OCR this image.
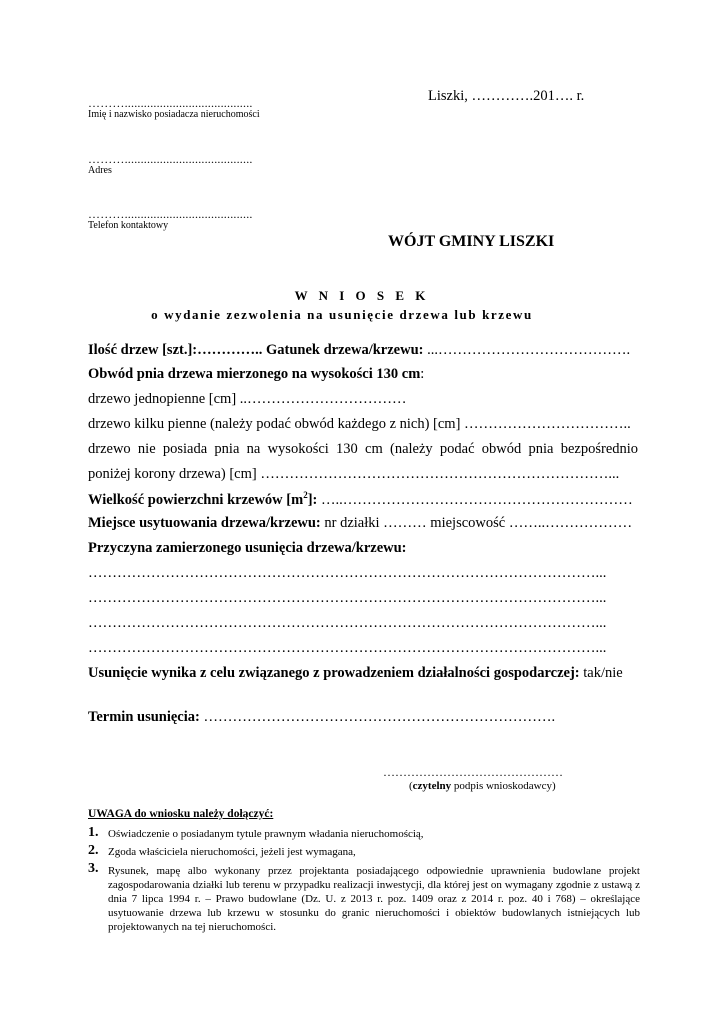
Liszki, ………….201…. r.
………........................................
Imię i nazwisko posiadacza nieruchomości
………........................................
Adres
………........................................
Telefon kontaktowy
WÓJT GMINY LISZKI
W N I O S E K
o wydanie zezwolenia na usunięcie drzewa lub krzewu
Ilość drzew [szt.]:………….. Gatunek drzewa/krzewu: ...………………………………….
Obwód pnia drzewa mierzonego na wysokości 130 cm:
drzewo jednopienne [cm] ..……………………………
drzewo kilku pienne (należy podać obwód każdego z nich) [cm] ……………………………..
drzewo  nie  posiada  pnia  na  wysokości  130  cm  (należy  podać  obwód  pnia  bezpośrednio
poniżej korony drzewa) [cm] ………………………………………………………………...
Wielkość powierzchni krzewów $[m^2]$: …..……………………………………………………
Miejsce usytuowania drzewa/krzewu: nr działki ……… miejscowość ……..………………
Przyczyna zamierzonego usunięcia drzewa/krzewu:
……………………………………………………………………………………………...
……………………………………………………………………………………………...
……………………………………………………………………………………………...
……………………………………………………………………………………………...
Usunięcie wynika z celu związanego z prowadzeniem działalności gospodarczej: tak/nie
Termin usunięcia: ……………………………………………………………….
………………………………………
(czytelny podpis wnioskodawcy)
UWAGA do wniosku należy dołączyć:
1. Oświadczenie o posiadanym tytule prawnym władania nieruchomością,
2. Zgoda właściciela nieruchomości, jeżeli jest wymagana,
3. Rysunek, mapę albo wykonany przez projektanta posiadającego odpowiednie uprawnienia budowlane projekt zagospodarowania działki lub terenu w przypadku realizacji inwestycji, dla której jest on wymagany zgodnie z ustawą z dnia 7 lipca 1994 r. – Prawo budowlane (Dz. U. z 2013 r. poz. 1409 oraz z 2014 r. poz. 40 i 768) – określające usytuowanie drzewa lub krzewu w stosunku do granic nieruchomości i obiektów budowlanych istniejących lub projektowanych na tej nieruchomości.
